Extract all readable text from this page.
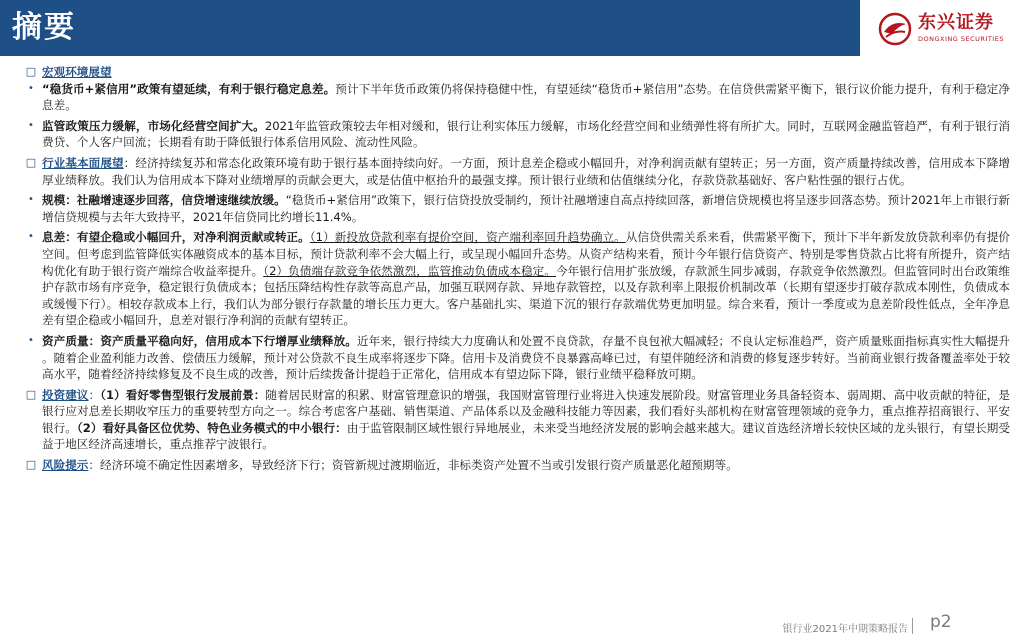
摘要	东兴证券
DONGXING SECURITIES
□ 宏观环境展望
• “稳货币+紧信用”政策有望延续，有利于银行稳定息差。预计下半年货币政策仍将保持稳健中性，有望延续“稳货币+紧信用”态势。在信贷供需紧平衡下，银行议价能力提升，有利于稳定净息差。
• 监管政策压力缓解，市场化经营空间扩大。2021年监管政策较去年相对缓和，银行让利实体压力缓解，市场化经营空间和业绩弹性将有所扩大。同时，互联网金融监管趋严，有利于银行消费贷、个人客户回流；长期看有助于降低银行体系信用风险、流动性风险。
□ 行业基本面展望：经济持续复苏和常态化政策环境有助于银行基本面持续向好。一方面，预计息差企稳或小幅回升，对净利润贡献有望转正；另一方面，资产质量持续改善，信用成本下降增厚业绩释放。我们认为信用成本下降对业绩增厚的贡献会更大，或是估值中枢抬升的最强支撑。预计银行业绩和估值继续分化，存款贷款基础好、客户粘性强的银行占优。
• 规模：社融增速逐步回落，信贷增速继续放缓。“稳货币+紧信用”政策下，银行信贷投放受制约，预计社融增速自高点持续回落，新增信贷规模也将呈逐步回落态势。预计2021年上市银行新增信贷规模与去年大致持平，2021年信贷同比约增长11.4%。
• 息差：有望企稳或小幅回升，对净利润贡献或转正。（1）新投放贷款利率有提价空间，资产端利率回升趋势确立。从信贷供需关系来看，供需紧平衡下，预计下半年新发放贷款利率仍有提价空间。但考虑到监管降低实体融资成本的基本目标，预计贷款利率不会大幅上行，或呈现小幅回升态势。从资产结构来看，预计今年银行信贷资产、特别是零售贷款占比将有所提升，资产结构优化有助于银行资产端综合收益率提升。（2）负债端存款竞争依然激烈，监管推动负债成本稳定。今年银行信用扩张放缓，存款派生同步减弱，存款竞争依然激烈。但监管同时出台政策维护存款市场有序竞争，稳定银行负债成本；包括压降结构性存款等高息产品，加强互联网存款、异地存款管控，以及存款利率上限报价机制改革（长期有望逐步打破存款成本刚性，负债成本或缓慢下行）。相较存款成本上行，我们认为部分银行存款量的增长压力更大。客户基础扎实、渠道下沉的银行存款端优势更加明显。综合来看，预计一季度或为息差阶段性低点，全年净息差有望企稳或小幅回升，息差对银行净利润的贡献有望转正。
• 资产质量：资产质量平稳向好，信用成本下行增厚业绩释放。近年来，银行持续大力度确认和处置不良贷款，存量不良包袱大幅减轻；不良认定标准趋严，资产质量账面指标真实性大幅提升 。随着企业盈利能力改善、偿债压力缓解，预计对公贷款不良生成率将逐步下降。信用卡及消费贷不良暴露高峰已过，有望伴随经济和消费的修复逐步转好。当前商业银行拨备覆盖率处于较高水平，随着经济持续修复及不良生成的改善，预计后续拨备计提趋于正常化，信用成本有望边际下降，银行业绩平稳释放可期。
□ 投资建议：（1）看好零售型银行发展前景：随着居民财富的积累、财富管理意识的增强，我国财富管理行业将进入快速发展阶段。财富管理业务具备轻资本、弱周期、高中收贡献的特征，是银行应对息差长期收窄压力的重要转型方向之一。综合考虑客户基础、销售渠道、产品体系以及金融科技能力等因素，我们看好头部机构在财富管理领域的竞争力，重点推荐招商银行、平安银行。（2）看好具备区位优势、特色业务模式的中小银行：由于监管限制区域性银行异地展业，未来受当地经济发展的影响会越来越大。建议首选经济增长较快区域的龙头银行，有望长期受益于地区经济高速增长，重点推荐宁波银行。
□ 风险提示：经济环境不确定性因素增多，导致经济下行；资管新规过渡期临近，非标类资产处置不当或引发银行资产质量恶化超预期等。
银行业2021年中期策略报告 p2
